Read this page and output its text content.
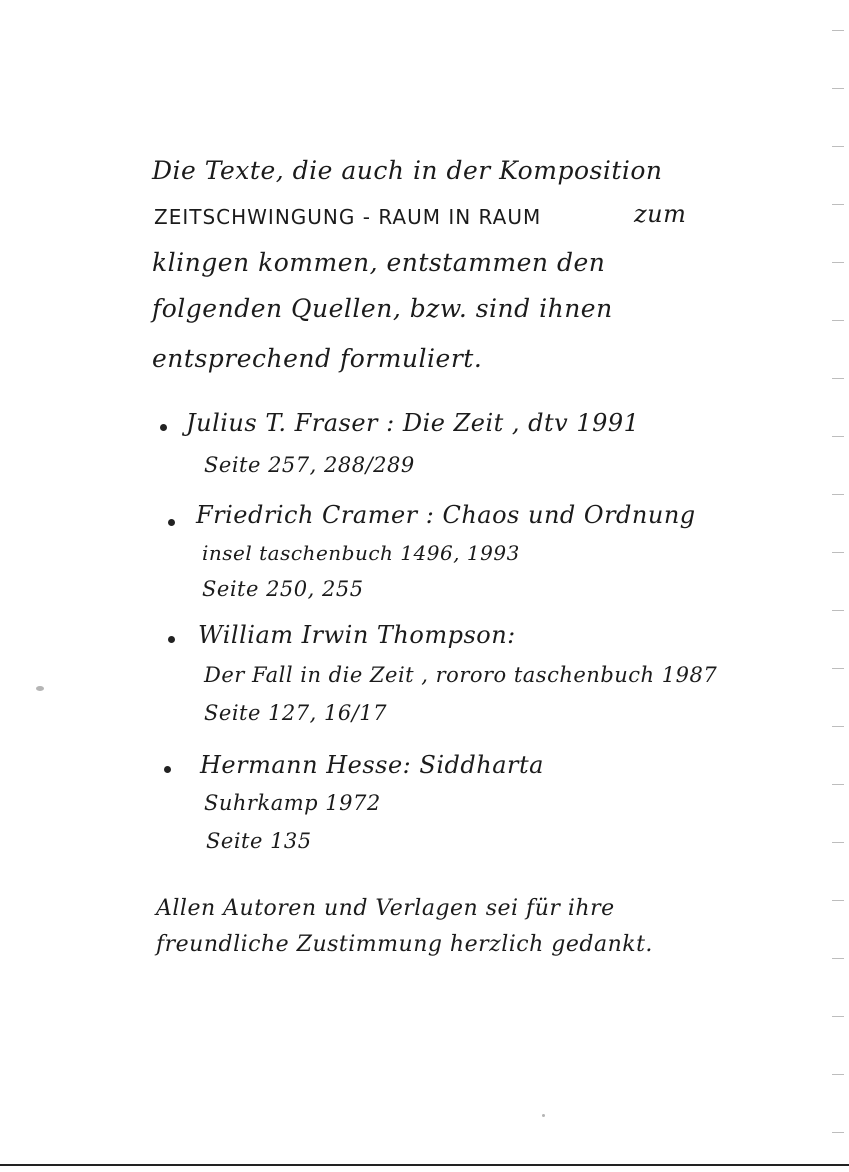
Die Texte, die auch in der Komposition
ZEITSCHWINGUNG - RAUM IN RAUM	zum
klingen kommen, entstammen den
folgenden Quellen, bzw. sind ihnen
entsprechend formuliert.
Julius T. Fraser : Die Zeit , dtv 1991
Seite 257, 288/289
Friedrich Cramer : Chaos und Ordnung
insel taschenbuch 1496, 1993
Seite 250, 255
William Irwin Thompson:
Der Fall in die Zeit , rororo taschenbuch 1987
Seite 127, 16/17
Hermann Hesse: Siddharta
Suhrkamp 1972
Seite 135
Allen Autoren und Verlagen sei für ihre
freundliche Zustimmung herzlich gedankt.
